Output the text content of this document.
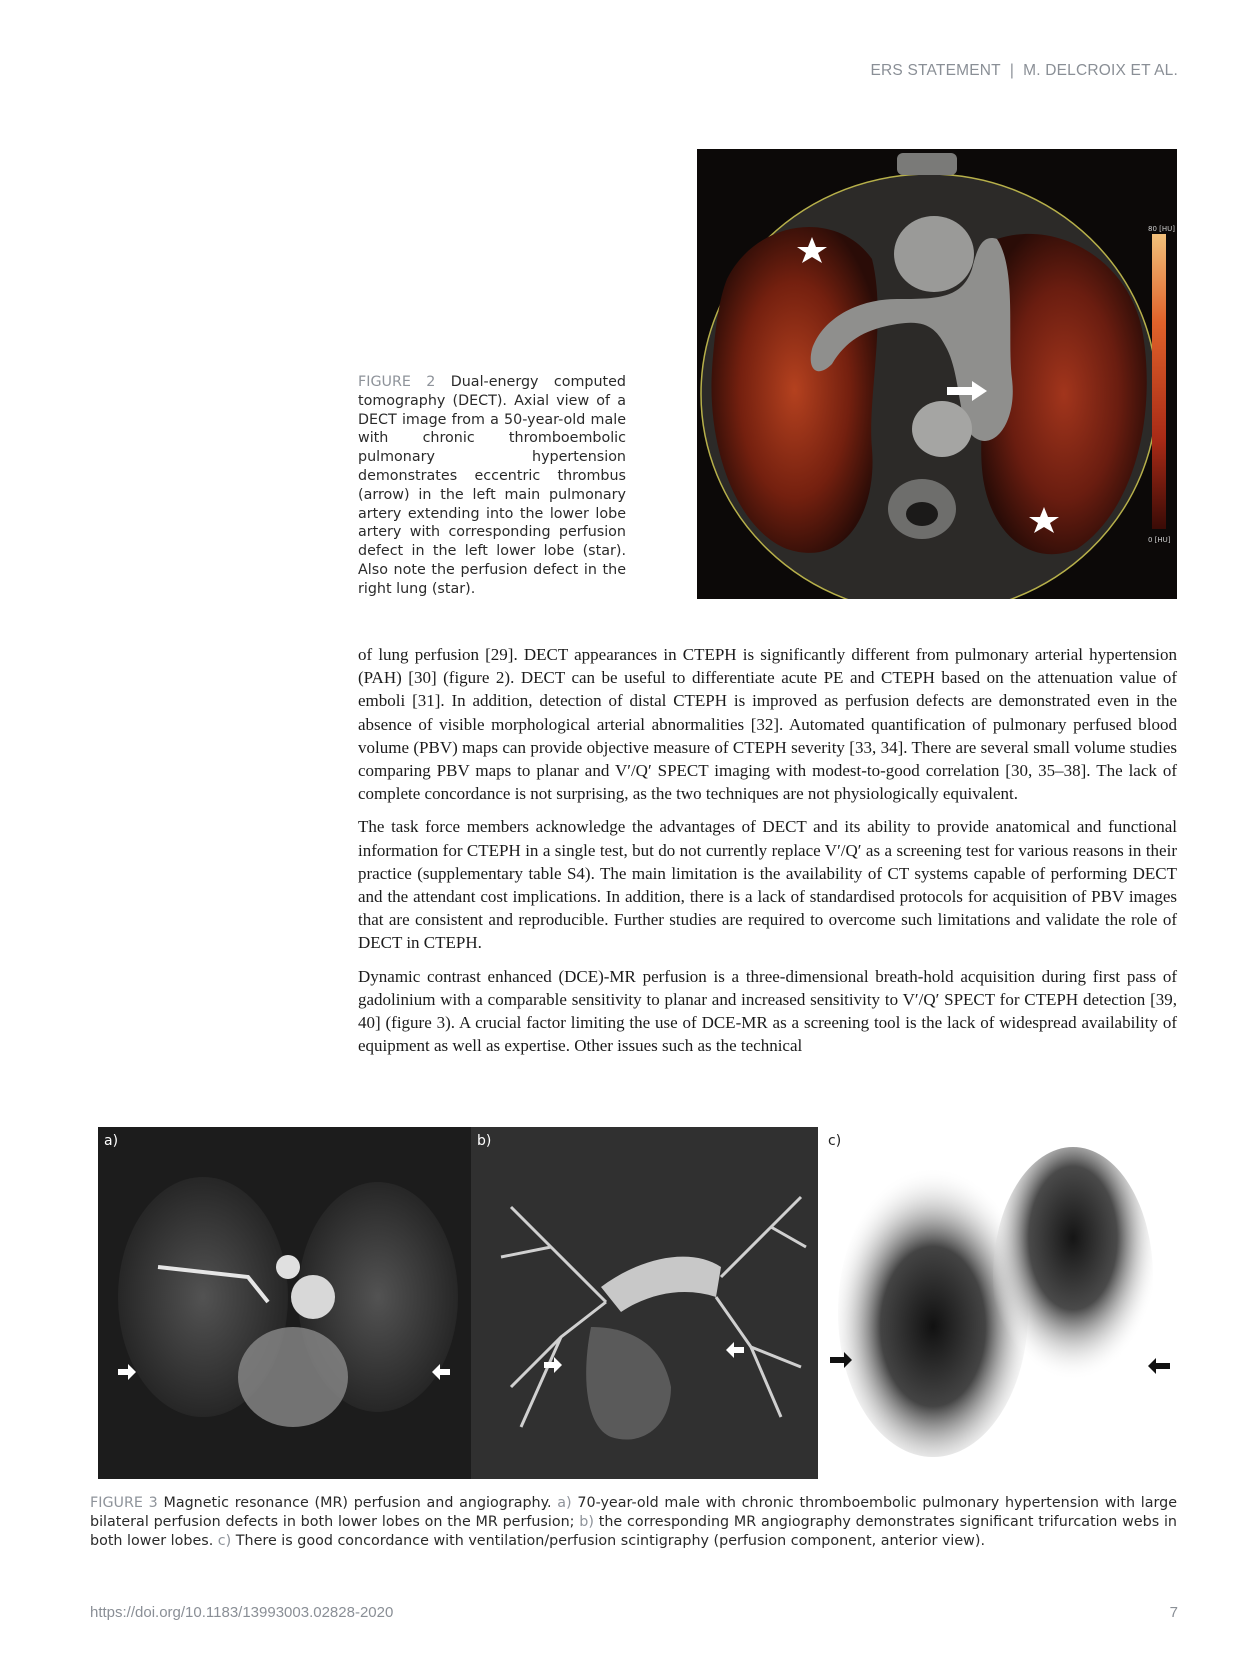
ERS STATEMENT | M. DELCROIX ET AL.
FIGURE 2 Dual-energy computed tomography (DECT). Axial view of a DECT image from a 50-year-old male with chronic thromboembolic pulmonary hypertension demonstrates eccentric thrombus (arrow) in the left main pulmonary artery extending into the lower lobe artery with corresponding perfusion defect in the left lower lobe (star). Also note the perfusion defect in the right lung (star).
80 [HU]
0 [HU]

of lung perfusion [29]. DECT appearances in CTEPH is significantly different from pulmonary arterial hypertension (PAH) [30] (figure 2). DECT can be useful to differentiate acute PE and CTEPH based on the attenuation value of emboli [31]. In addition, detection of distal CTEPH is improved as perfusion defects are demonstrated even in the absence of visible morphological arterial abnormalities [32]. Automated quantification of pulmonary perfused blood volume (PBV) maps can provide objective measure of CTEPH severity [33, 34]. There are several small volume studies comparing PBV maps to planar and V′/Q′ SPECT imaging with modest-to-good correlation [30, 35–38]. The lack of complete concordance is not surprising, as the two techniques are not physiologically equivalent.

The task force members acknowledge the advantages of DECT and its ability to provide anatomical and functional information for CTEPH in a single test, but do not currently replace V′/Q′ as a screening test for various reasons in their practice (supplementary table S4). The main limitation is the availability of CT systems capable of performing DECT and the attendant cost implications. In addition, there is a lack of standardised protocols for acquisition of PBV images that are consistent and reproducible. Further studies are required to overcome such limitations and validate the role of DECT in CTEPH.

Dynamic contrast enhanced (DCE)-MR perfusion is a three-dimensional breath-hold acquisition during first pass of gadolinium with a comparable sensitivity to planar and increased sensitivity to V′/Q′ SPECT for CTEPH detection [39, 40] (figure 3). A crucial factor limiting the use of DCE-MR as a screening tool is the lack of widespread availability of equipment as well as expertise. Other issues such as the technical

a)	b)	c)
FIGURE 3 Magnetic resonance (MR) perfusion and angiography. a) 70-year-old male with chronic thromboembolic pulmonary hypertension with large bilateral perfusion defects in both lower lobes on the MR perfusion; b) the corresponding MR angiography demonstrates significant trifurcation webs in both lower lobes. c) There is good concordance with ventilation/perfusion scintigraphy (perfusion component, anterior view).
https://doi.org/10.1183/13993003.02828-2020	7
